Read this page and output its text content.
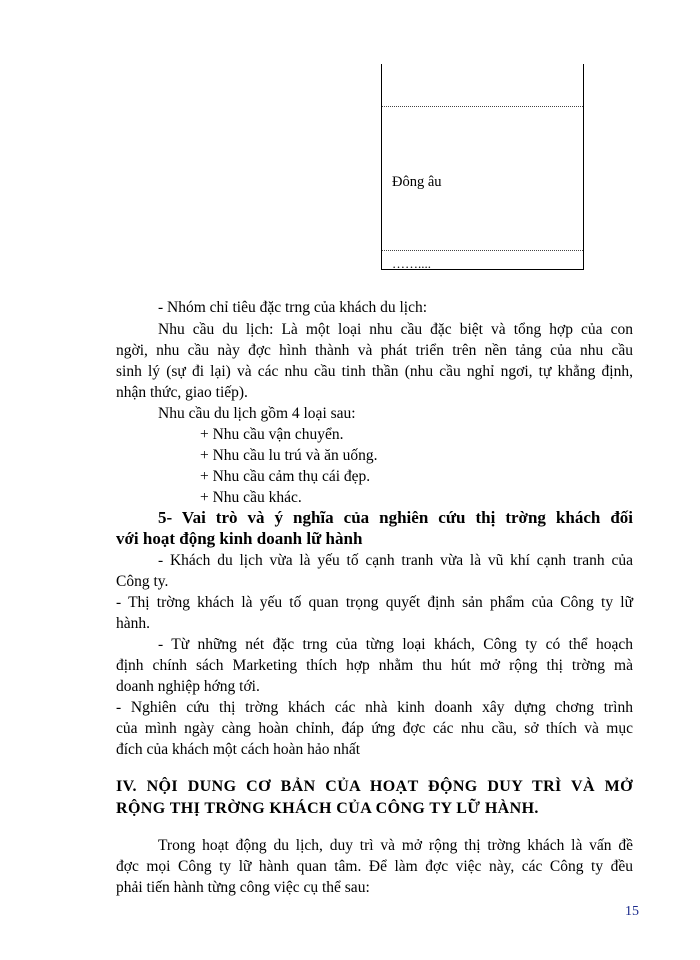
Đông âu
……....
- Nhóm chỉ tiêu đặc trng của khách du lịch:
Nhu cầu du lịch: Là một loại nhu cầu đặc biệt và tổng hợp của con
ngời, nhu cầu này đợc hình thành và phát triển trên nền tảng của nhu cầu
sinh lý (sự đi lại) và các nhu cầu tinh thần (nhu cầu nghỉ ngơi, tự khẳng định,
nhận thức, giao tiếp).
Nhu cầu du lịch gồm 4 loại sau:
+ Nhu cầu vận chuyển.
+ Nhu cầu lu trú và ăn uống.
+ Nhu cầu cảm thụ cái đẹp.
+ Nhu cầu khác.
5- Vai trò và ý nghĩa của nghiên cứu thị trờng khách đối
với hoạt động kinh doanh lữ hành
- Khách du lịch vừa là yếu tố cạnh tranh vừa là vũ khí cạnh tranh của
Công ty.
- Thị trờng khách là yếu tố quan trọng quyết định sản phẩm của Công ty lữ
hành.
- Từ những nét đặc trng của từng loại khách, Công ty có thể hoạch
định chính sách Marketing thích hợp nhằm thu hút mở rộng thị trờng mà
doanh nghiệp hớng tới.
- Nghiên cứu thị trờng khách các nhà kinh doanh xây dựng chơng trình
của mình ngày càng hoàn chỉnh, đáp ứng đợc các nhu cầu, sở thích và mục
đích của khách một cách hoàn hảo nhất
IV. NỘI DUNG CƠ BẢN CỦA HOẠT ĐỘNG DUY TRÌ VÀ MỞ
RỘNG THỊ TRỜNG KHÁCH CỦA CÔNG TY LỮ HÀNH.
Trong hoạt động du lịch, duy trì và mở rộng thị trờng khách là vấn đề
đợc mọi Công ty lữ hành quan tâm. Để làm đợc việc này, các Công ty đều
phải tiến hành từng công việc cụ thể sau:
15
